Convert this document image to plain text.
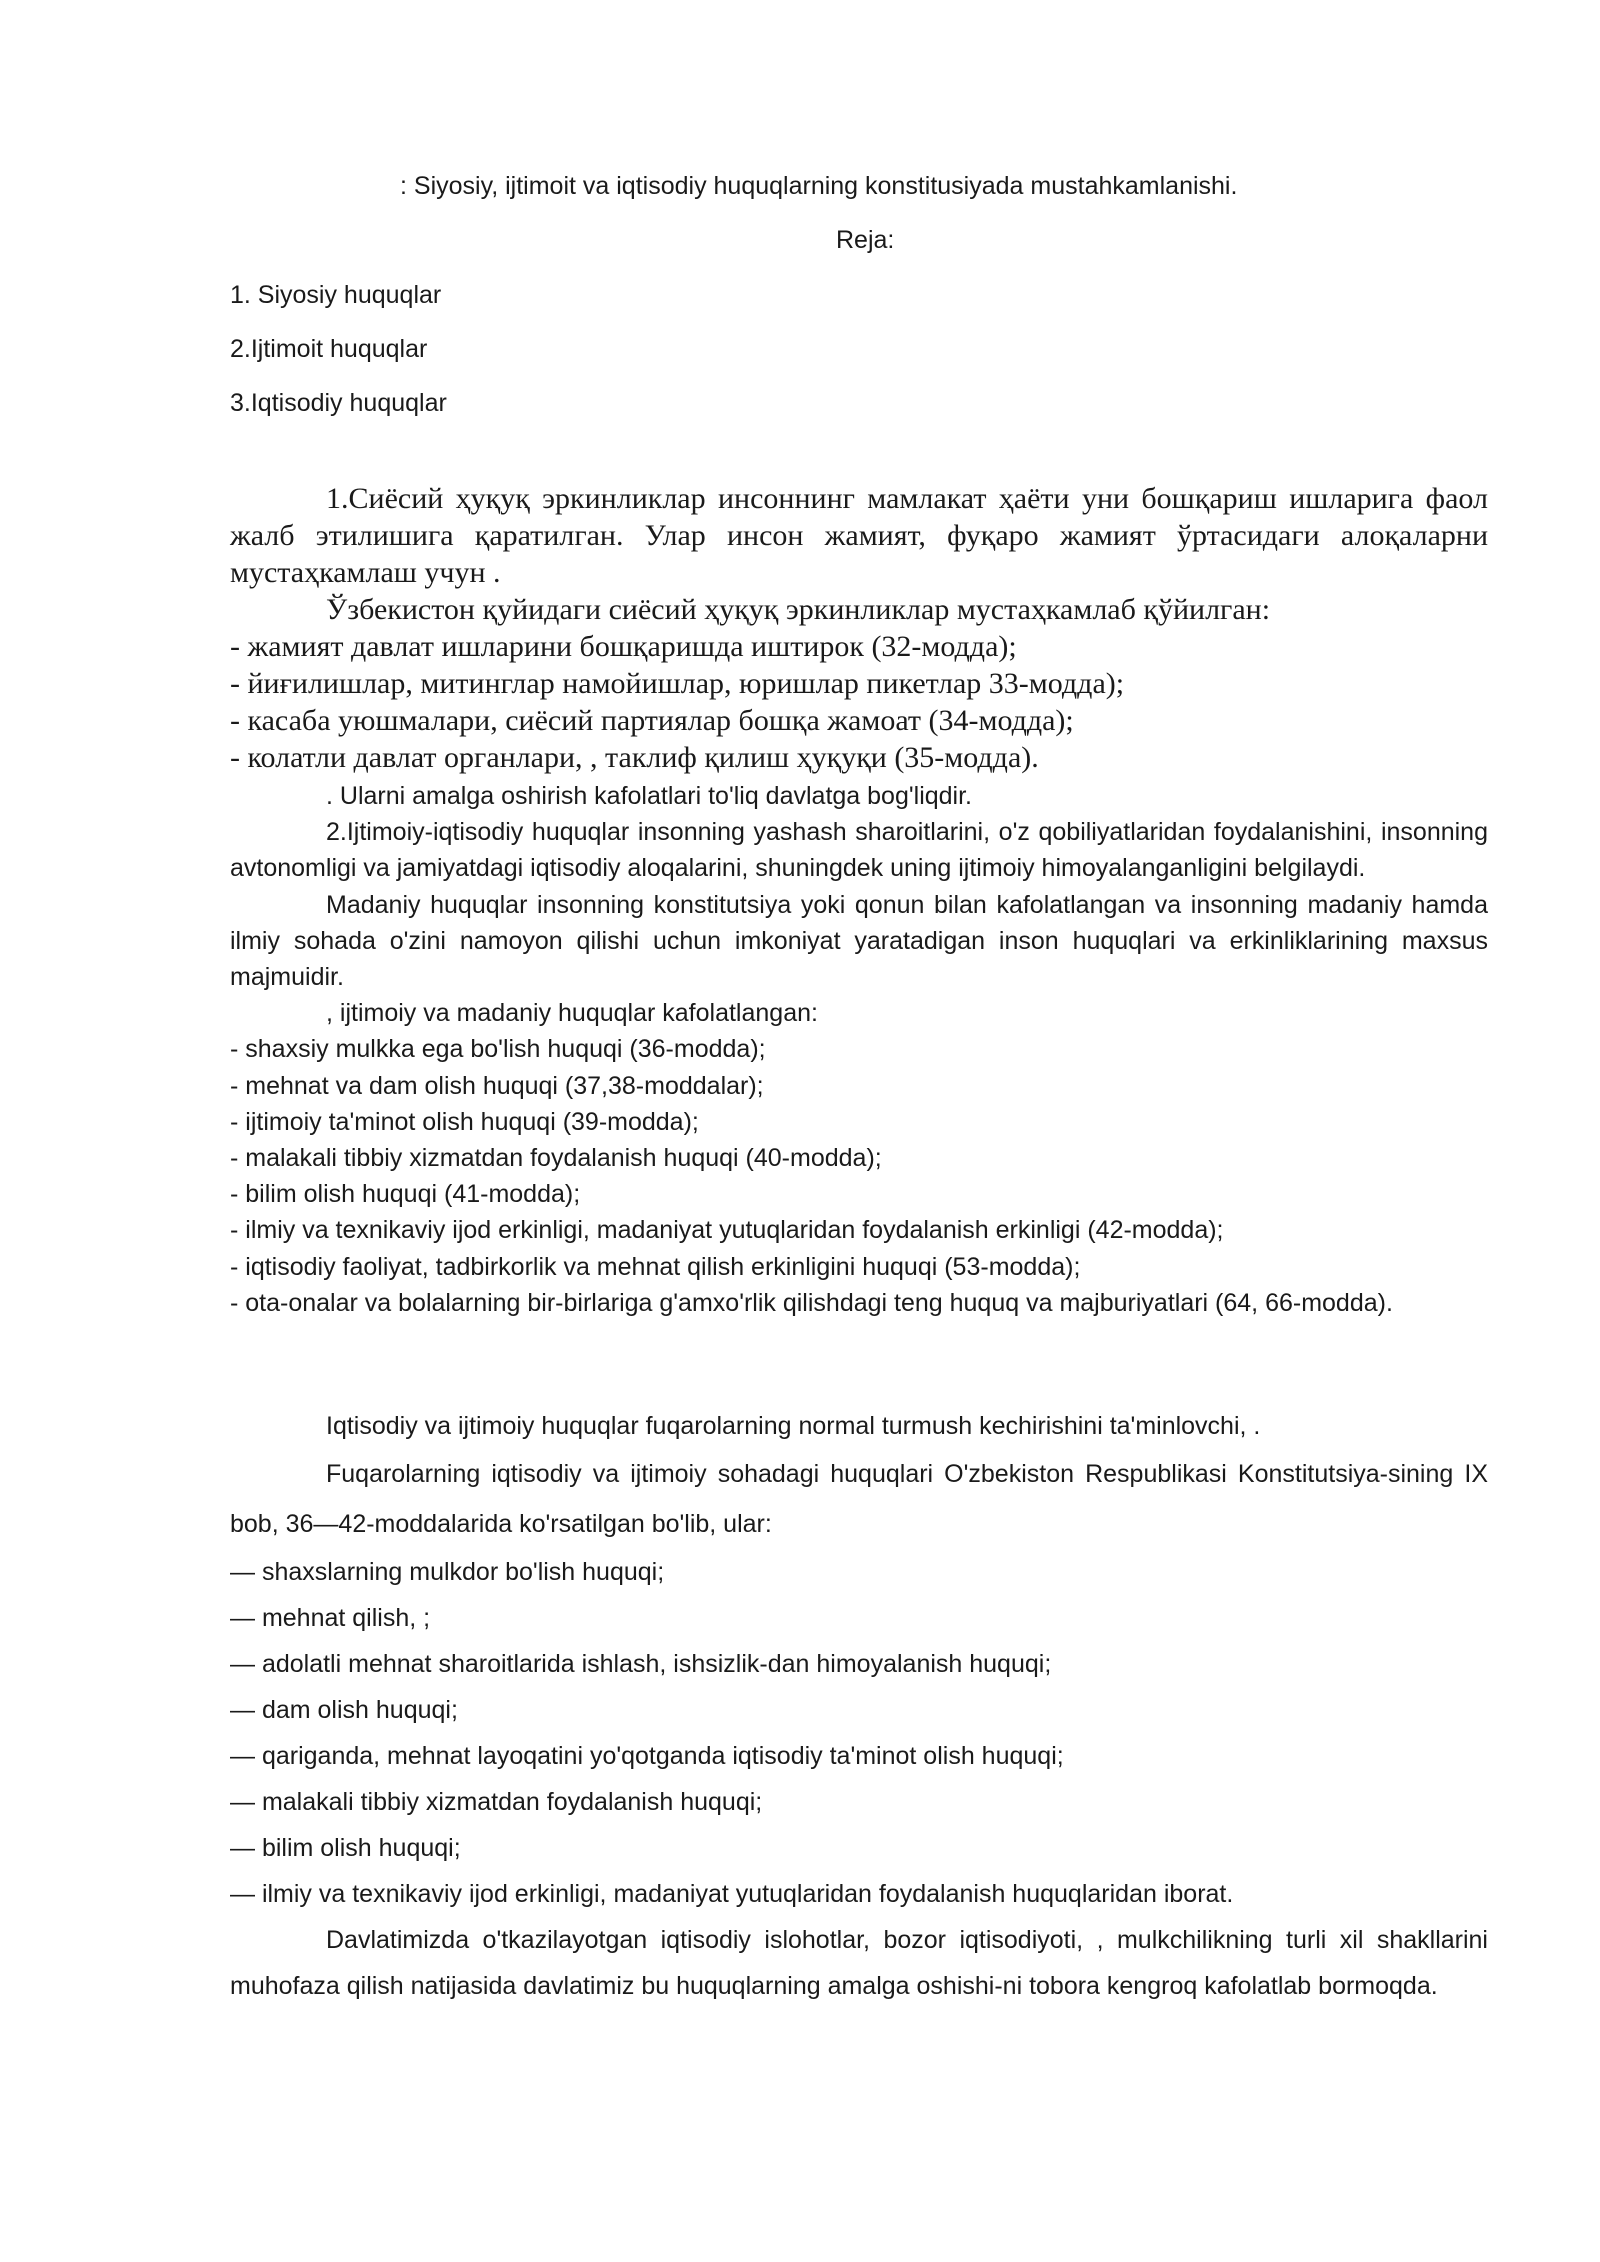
: Siyosiy, ijtimoit va iqtisodiy huquqlarning konstitusiyada mustahkamlanishi.
Reja:
1. Siyosiy huquqlar
2.Ijtimoit huquqlar
3.Iqtisodiy huquqlar

1.Сиёсий ҳуқуқ эркинликлар инсоннинг мамлакат ҳаёти уни бошқариш ишларига фаол жалб этилишига қаратилган. Улар инсон жамият, фуқаро жамият ўртасидаги алоқаларни мустаҳкамлаш учун .

Ўзбекистон қуйидаги сиёсий ҳуқуқ эркинликлар мустаҳкамлаб қўйилган:

- жамият давлат ишларини бошқаришда иштирок (32-модда);

- йиғилишлар, митинглар намойишлар, юришлар пикетлар 33-модда);

- касаба уюшмалари, сиёсий партиялар бошқа жамоат (34-модда);

- колатли давлат органлари, , таклиф қилиш ҳуқуқи (35-модда).

. Ularni amalga oshirish kafolatlari to'liq davlatga bog'liqdir.

2.Ijtimoiy-iqtisodiy huquqlar insonning yashash sharoitlarini, o'z qobiliyatlaridan foydalanishini, insonning avtonomligi va jamiyatdagi iqtisodiy aloqalarini, shuningdek uning ijtimoiy himoyalanganligini belgilaydi.

Madaniy huquqlar insonning konstitutsiya yoki qonun bilan kafolatlangan va insonning madaniy hamda ilmiy sohada o'zini namoyon qilishi uchun imkoniyat yaratadigan inson huquqlari va erkinliklarining maxsus majmuidir.

, ijtimoiy va madaniy huquqlar kafolatlangan:

- shaxsiy mulkka ega bo'lish huquqi (36-modda);

- mehnat va dam olish huquqi (37,38-moddalar);

- ijtimoiy ta'minot olish huquqi (39-modda);

- malakali tibbiy xizmatdan foydalanish huquqi (40-modda);

- bilim olish huquqi (41-modda);

- ilmiy va texnikaviy ijod erkinligi, madaniyat yutuqlaridan foydalanish erkinligi (42-modda);

- iqtisodiy faoliyat, tadbirkorlik va mehnat qilish erkinligini huquqi (53-modda);

- ota-onalar va bolalarning bir-birlariga g'amxo'rlik qilishdagi teng huquq va majburiyatlari (64, 66-modda).

Iqtisodiy va ijtimoiy huquqlar fuqarolarning normal turmush kechirishini ta'minlovchi, .

Fuqarolarning iqtisodiy va ijtimoiy sohadagi huquqlari O'zbekiston Respublikasi Konstitutsiya-sining IX bob, 36—42-moddalarida ko'rsatilgan bo'lib, ular:

— shaxslarning mulkdor bo'lish huquqi;

— mehnat qilish, ;

— adolatli mehnat sharoitlarida ishlash, ishsizlik-dan himoyalanish huquqi;

— dam olish huquqi;

— qariganda, mehnat layoqatini yo'qotganda iqtisodiy ta'minot olish huquqi;

— malakali tibbiy xizmatdan foydalanish huquqi;

— bilim olish huquqi;

— ilmiy va texnikaviy ijod erkinligi, madaniyat yutuqlaridan foydalanish huquqlaridan iborat.

Davlatimizda o'tkazilayotgan iqtisodiy islohotlar, bozor iqtisodiyoti, , mulkchilikning turli xil shakllarini muhofaza qilish natijasida davlatimiz bu huquqlarning amalga oshishi-ni tobora kengroq kafolatlab bormoqda.
